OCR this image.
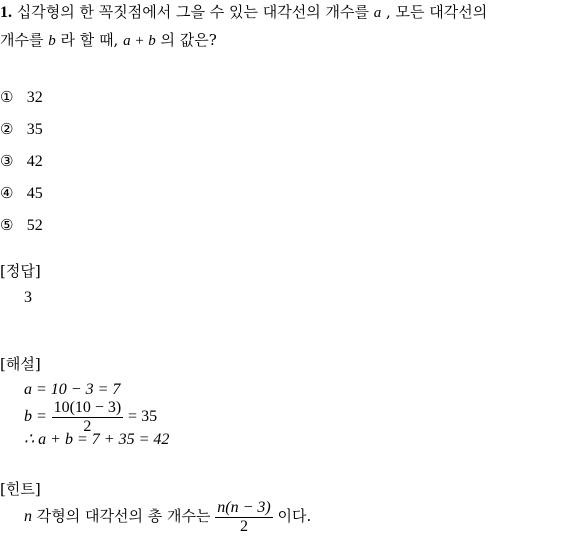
1. 십각형의 한 꼭짓점에서 그을 수 있는 대각선의 개수를 a , 모든 대각선의
개수를 b 라 할 때, a + b 의 값은?
① 32
② 35
③ 42
④ 45
⑤ 52
[정답]
3
[해설]
a = 10 − 3 = 7
$b = \frac{10(10 - 3)}{2} = 35$
∴ a + b = 7 + 35 = 42
[힌트]
n 각형의 대각선의 총 개수는 $\frac{n(n - 3)}{2}$ 이다.
